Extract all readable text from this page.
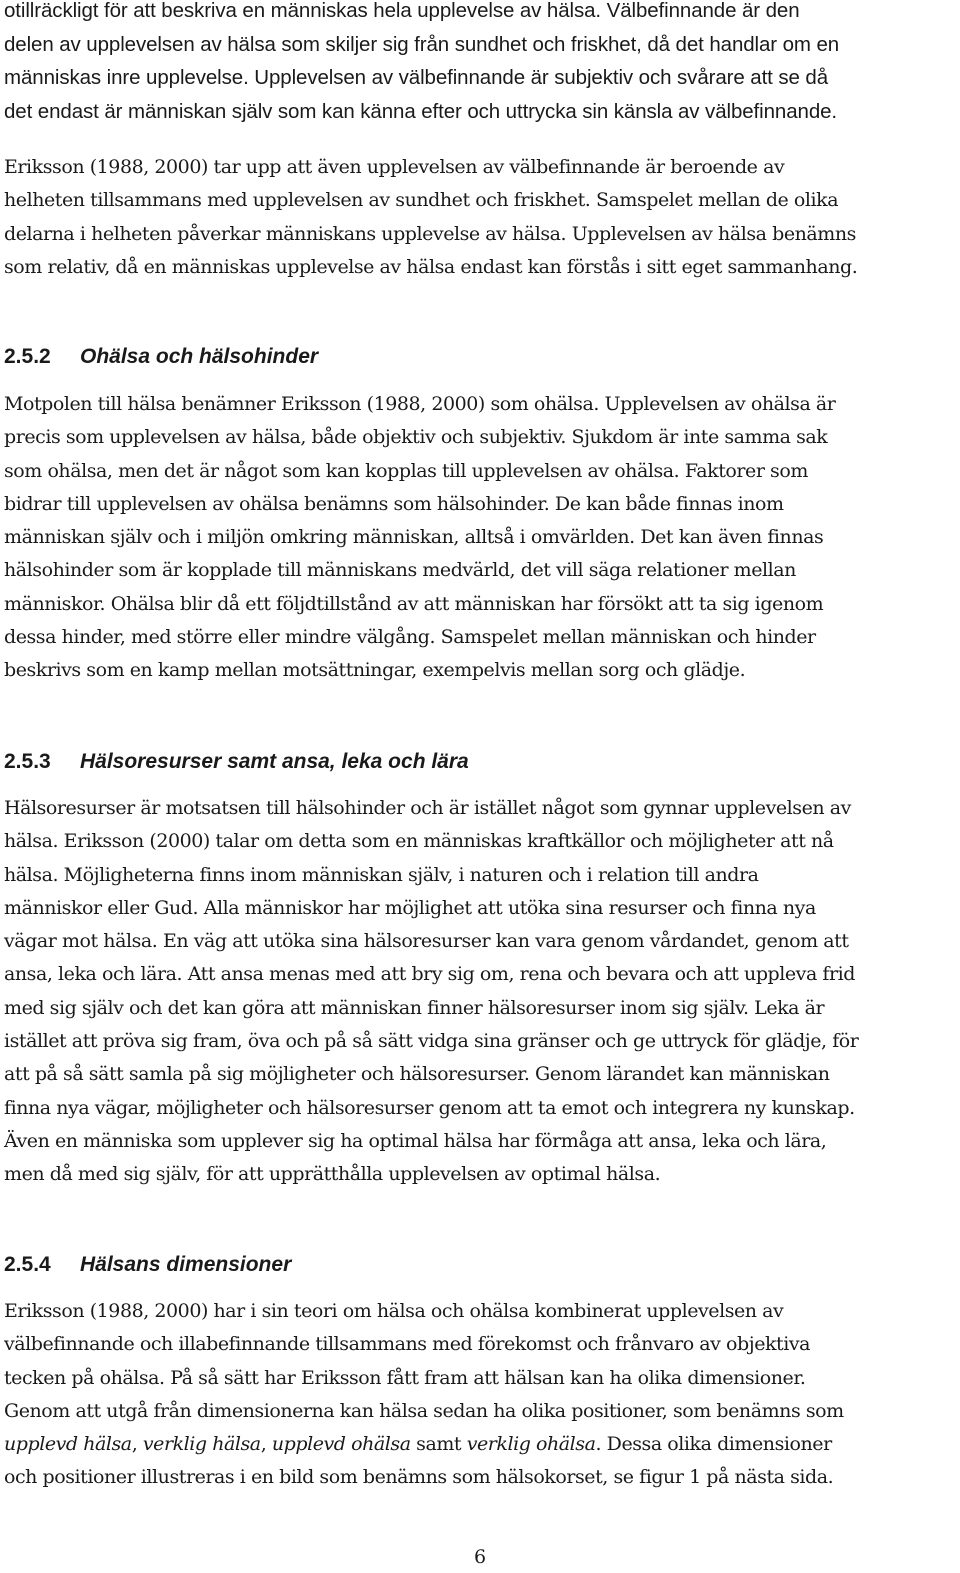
otillräckligt för att beskriva en människas hela upplevelse av hälsa. Välbefinnande är den
delen av upplevelsen av hälsa som skiljer sig från sundhet och friskhet, då det handlar om en
människas inre upplevelse. Upplevelsen av välbefinnande är subjektiv och svårare att se då
det endast är människan själv som kan känna efter och uttrycka sin känsla av välbefinnande.
Eriksson (1988, 2000) tar upp att även upplevelsen av välbefinnande är beroende av
helheten tillsammans med upplevelsen av sundhet och friskhet. Samspelet mellan de olika
delarna i helheten påverkar människans upplevelse av hälsa. Upplevelsen av hälsa benämns
som relativ, då en människas upplevelse av hälsa endast kan förstås i sitt eget sammanhang.
2.5.2 Ohälsa och hälsohinder
Motpolen till hälsa benämner Eriksson (1988, 2000) som ohälsa. Upplevelsen av ohälsa är
precis som upplevelsen av hälsa, både objektiv och subjektiv. Sjukdom är inte samma sak
som ohälsa, men det är något som kan kopplas till upplevelsen av ohälsa. Faktorer som
bidrar till upplevelsen av ohälsa benämns som hälsohinder. De kan både finnas inom
människan själv och i miljön omkring människan, alltså i omvärlden. Det kan även finnas
hälsohinder som är kopplade till människans medvärld, det vill säga relationer mellan
människor. Ohälsa blir då ett följdtillstånd av att människan har försökt att ta sig igenom
dessa hinder, med större eller mindre välgång. Samspelet mellan människan och hinder
beskrivs som en kamp mellan motsättningar, exempelvis mellan sorg och glädje.
2.5.3 Hälsoresurser samt ansa, leka och lära
Hälsoresurser är motsatsen till hälsohinder och är istället något som gynnar upplevelsen av
hälsa. Eriksson (2000) talar om detta som en människas kraftkällor och möjligheter att nå
hälsa. Möjligheterna finns inom människan själv, i naturen och i relation till andra
människor eller Gud. Alla människor har möjlighet att utöka sina resurser och finna nya
vägar mot hälsa. En väg att utöka sina hälsoresurser kan vara genom vårdandet, genom att
ansa, leka och lära. Att ansa menas med att bry sig om, rena och bevara och att uppleva frid
med sig själv och det kan göra att människan finner hälsoresurser inom sig själv. Leka är
istället att pröva sig fram, öva och på så sätt vidga sina gränser och ge uttryck för glädje, för
att på så sätt samla på sig möjligheter och hälsoresurser. Genom lärandet kan människan
finna nya vägar, möjligheter och hälsoresurser genom att ta emot och integrera ny kunskap.
Även en människa som upplever sig ha optimal hälsa har förmåga att ansa, leka och lära,
men då med sig själv, för att upprätthålla upplevelsen av optimal hälsa.
2.5.4 Hälsans dimensioner
Eriksson (1988, 2000) har i sin teori om hälsa och ohälsa kombinerat upplevelsen av
välbefinnande och illabefinnande tillsammans med förekomst och frånvaro av objektiva
tecken på ohälsa. På så sätt har Eriksson fått fram att hälsan kan ha olika dimensioner.
Genom att utgå från dimensionerna kan hälsa sedan ha olika positioner, som benämns som
upplevd hälsa, verklig hälsa, upplevd ohälsa samt verklig ohälsa. Dessa olika dimensioner
och positioner illustreras i en bild som benämns som hälsokorset, se figur 1 på nästa sida.
6
